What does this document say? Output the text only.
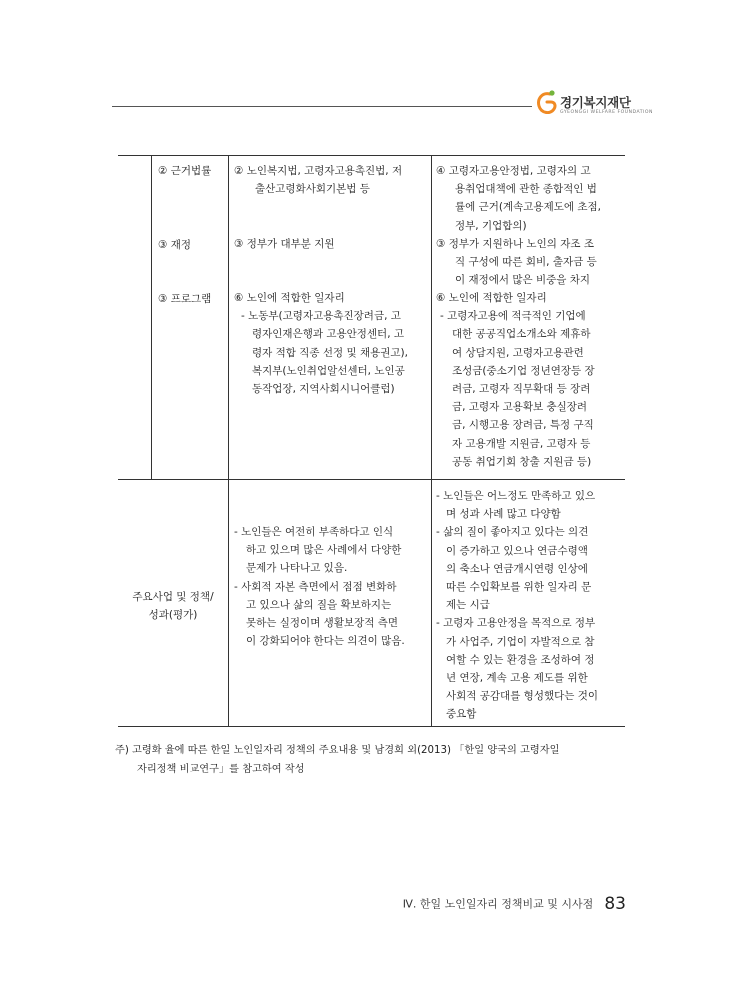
경기복지재단
GYEONGGI WELFARE FOUNDATION
② 근거법률
③ 재정
③ 프로그램
주요사업 및 정책/
성과(평가)
② 노인복지법, 고령자고용촉진법, 저
출산고령화사회기본법 등
③ 정부가 대부분 지원
⑥ 노인에 적합한 일자리
- 노동부(고령자고용촉진장려금, 고
령자인재은행과 고용안정센터, 고
령자 적합 직종 선정 및 채용권고),
복지부(노인취업알선센터, 노인공
동작업장, 지역사회시니어클럽)
- 노인들은 여전히 부족하다고 인식
하고 있으며 많은 사례에서 다양한
문제가 나타나고 있음.
- 사회적 자본 측면에서 점점 변화하
고 있으나 삶의 질을 확보하지는
못하는 실정이며 생활보장적 측면
이 강화되어야 한다는 의견이 많음.
④ 고령자고용안정법, 고령자의 고
용취업대책에 관한 종합적인 법
률에 근거(계속고용제도에 초점,
정부, 기업합의)
③ 정부가 지원하나 노인의 자조 조
직 구성에 따른 회비, 출자금 등
이 재정에서 많은 비중을 차지
⑥ 노인에 적합한 일자리
- 고령자고용에 적극적인 기업에
대한 공공직업소개소와 제휴하
여 상담지원, 고령자고용관련
조성금(중소기업 정년연장등 장
려금, 고령자 직무확대 등 장려
금, 고령자 고용확보 충실장려
금, 시행고용 장려금, 특정 구직
자 고용개발 지원금, 고령자 등
공동 취업기회 창출 지원금 등)
- 노인들은 어느정도 만족하고 있으
며 성과 사례 많고 다양함
- 삶의 질이 좋아지고 있다는 의견
이 증가하고 있으나 연금수령액
의 축소나 연금개시연령 인상에
따른 수입확보를 위한 일자리 문
제는 시급
- 고령자 고용안정을 목적으로 정부
가 사업주, 기업이 자발적으로 참
여할 수 있는 환경을 조성하여 정
년 연장, 계속 고용 제도를 위한
사회적 공감대를 형성했다는 것이
중요함
주) 고령화 율에 따른 한일 노인일자리 정책의 주요내용 및 남경희 외(2013) 「한일 양국의 고령자일
자리정책 비교연구」를 참고하여 작성
Ⅳ. 한일 노인일자리 정책비교 및 시사점 83
